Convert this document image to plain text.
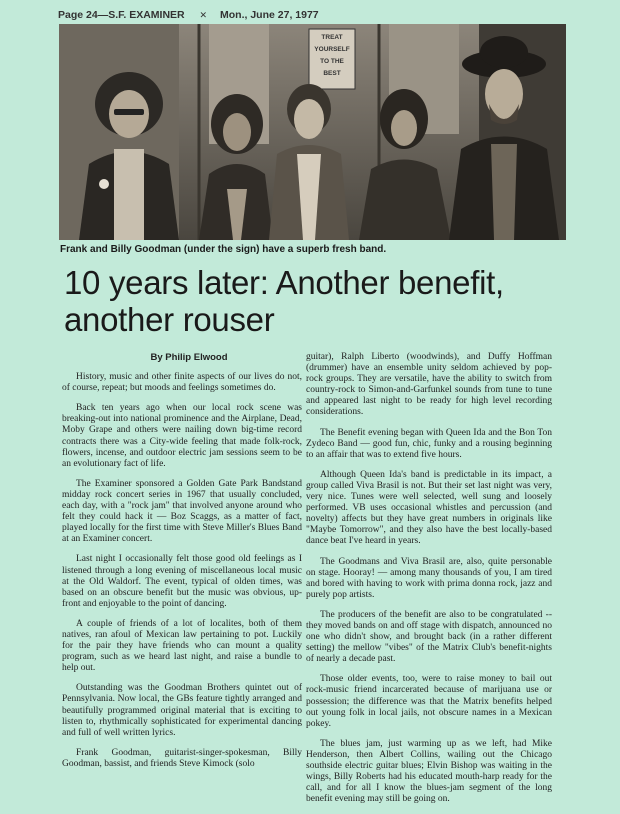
Page 24—S.F. EXAMINER ✕ Mon., June 27, 1977
TREAT
YOURSELF
TO THE
BEST
Frank and Billy Goodman (under the sign) have a superb fresh band.
10 years later: Another benefit, another rouser

By Philip Elwood

History, music and other finite aspects of our lives do not, of course, repeat; but moods and feelings sometimes do.

Back ten years ago when our local rock scene was breaking-out into national prominence and the Airplane, Dead, Moby Grape and others were nailing down big-time record contracts there was a City-wide feeling that made folk-rock, flowers, incense, and outdoor electric jam sessions seem to be an evolutionary fact of life.

The Examiner sponsored a Golden Gate Park Bandstand midday rock concert series in 1967 that usually concluded, each day, with a "rock jam" that involved anyone around who felt they could hack it — Boz Scaggs, as a matter of fact, played locally for the first time with Steve Miller's Blues Band at an Examiner concert.

Last night I occasionally felt those good old feelings as I listened through a long evening of miscellaneous local music at the Old Waldorf. The event, typical of olden times, was based on an obscure benefit but the music was obvious, up-front and enjoyable to the point of dancing.

A couple of friends of a lot of localites, both of them natives, ran afoul of Mexican law pertaining to pot. Luckily for the pair they have friends who can mount a quality program, such as we heard last night, and raise a bundle to help out.

Outstanding was the Goodman Brothers quintet out of Pennsylvania. Now local, the GBs feature tightly arranged and beautifully programmed original material that is exciting to listen to, rhythmically sophisticated for experimental dancing and full of well written lyrics.

Frank Goodman, guitarist-singer-spokesman, Billy Goodman, bassist, and friends Steve Kimock (solo

guitar), Ralph Liberto (woodwinds), and Duffy Hoffman (drummer) have an ensemble unity seldom achieved by pop-rock groups. They are versatile, have the ability to switch from country-rock to Simon-and-Garfunkel sounds from tune to tune and appeared last night to be ready for high level recording considerations.

The Benefit evening began with Queen Ida and the Bon Ton Zydeco Band — good fun, chic, funky and a rousing beginning to an affair that was to extend five hours.

Although Queen Ida's band is predictable in its impact, a group called Viva Brasil is not. But their set last night was very, very nice. Tunes were well selected, well sung and loosely performed. VB uses occasional whistles and percussion (and novelty) affects but they have great numbers in originals like "Maybe Tomorrow", and they also have the best locally-based dance beat I've heard in years.

The Goodmans and Viva Brasil are, also, quite personable on stage. Hooray! — among many thousands of you, I am tired and bored with having to work with prima donna rock, jazz and purely pop artists.

The producers of the benefit are also to be congratulated -- they moved bands on and off stage with dispatch, announced no one who didn't show, and brought back (in a rather different setting) the mellow "vibes" of the Matrix Club's benefit-nights of nearly a decade past.

Those older events, too, were to raise money to bail out rock-music friend incarcerated because of marijuana use or possession; the difference was that the Matrix benefits helped out young folk in local jails, not obscure names in a Mexican pokey.

The blues jam, just warming up as we left, had Mike Henderson, then Albert Collins, wailing out the Chicago southside electric guitar blues; Elvin Bishop was waiting in the wings, Billy Roberts had his educated mouth-harp ready for the call, and for all I know the blues-jam segment of the long benefit evening may still be going on.
